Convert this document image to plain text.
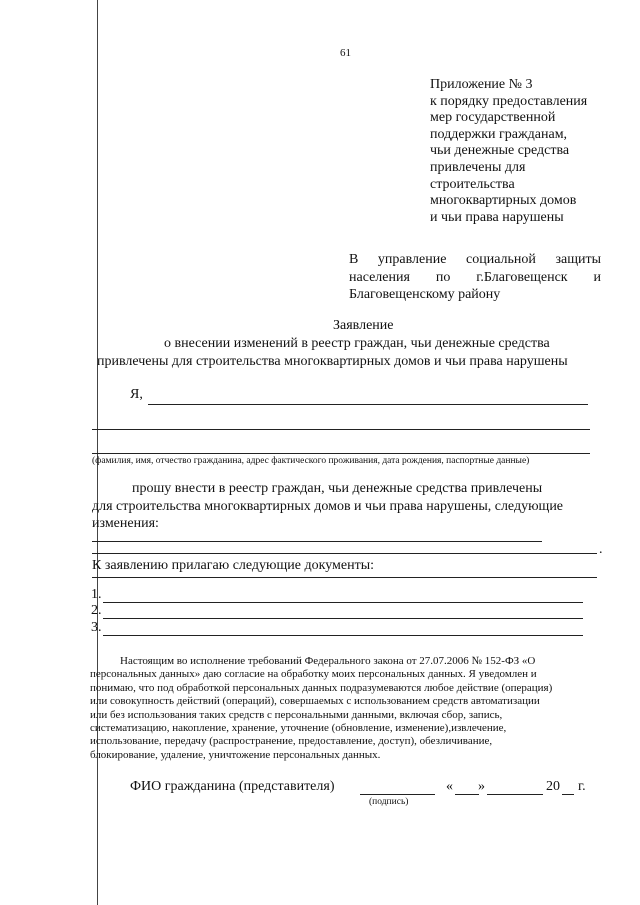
61
Приложение № 3
к порядку предоставления
мер государственной
поддержки гражданам,
чьи денежные средства
привлечены для
строительства
многоквартирных домов
и чьи права нарушены
В управление социальной защиты населения по г.Благовещенск и Благовещенскому району
Заявление
о внесении изменений в реестр граждан, чьи денежные средства
привлечены для строительства многоквартирных домов и чьи права нарушены
Я,
(фамилия, имя, отчество гражданина, адрес фактического проживания, дата рождения, паспортные данные)
прошу внести в реестр граждан, чьи денежные средства привлечены
для строительства многоквартирных домов и чьи права нарушены, следующие
изменения:
.
К заявлению прилагаю следующие документы:
1.
2.
3.

Настоящим во исполнение требований Федерального закона от 27.07.2006 № 152-ФЗ «О

персональных данных» даю согласие на обработку моих персональных данных. Я уведомлен и
понимаю, что под обработкой персональных данных подразумеваются любое действие (операция)
или совокупность действий (операций), совершаемых с использованием средств автоматизации
или без использования таких средств с персональными данными, включая сбор, запись,
систематизацию, накопление, хранение, уточнение (обновление, изменение),извлечение,
использование, передачу (распространение, предоставление, доступ), обезличивание,
блокирование, удаление, уничтожение персональных данных.
ФИО гражданина (представителя)	« »	20 г.
(подпись)
